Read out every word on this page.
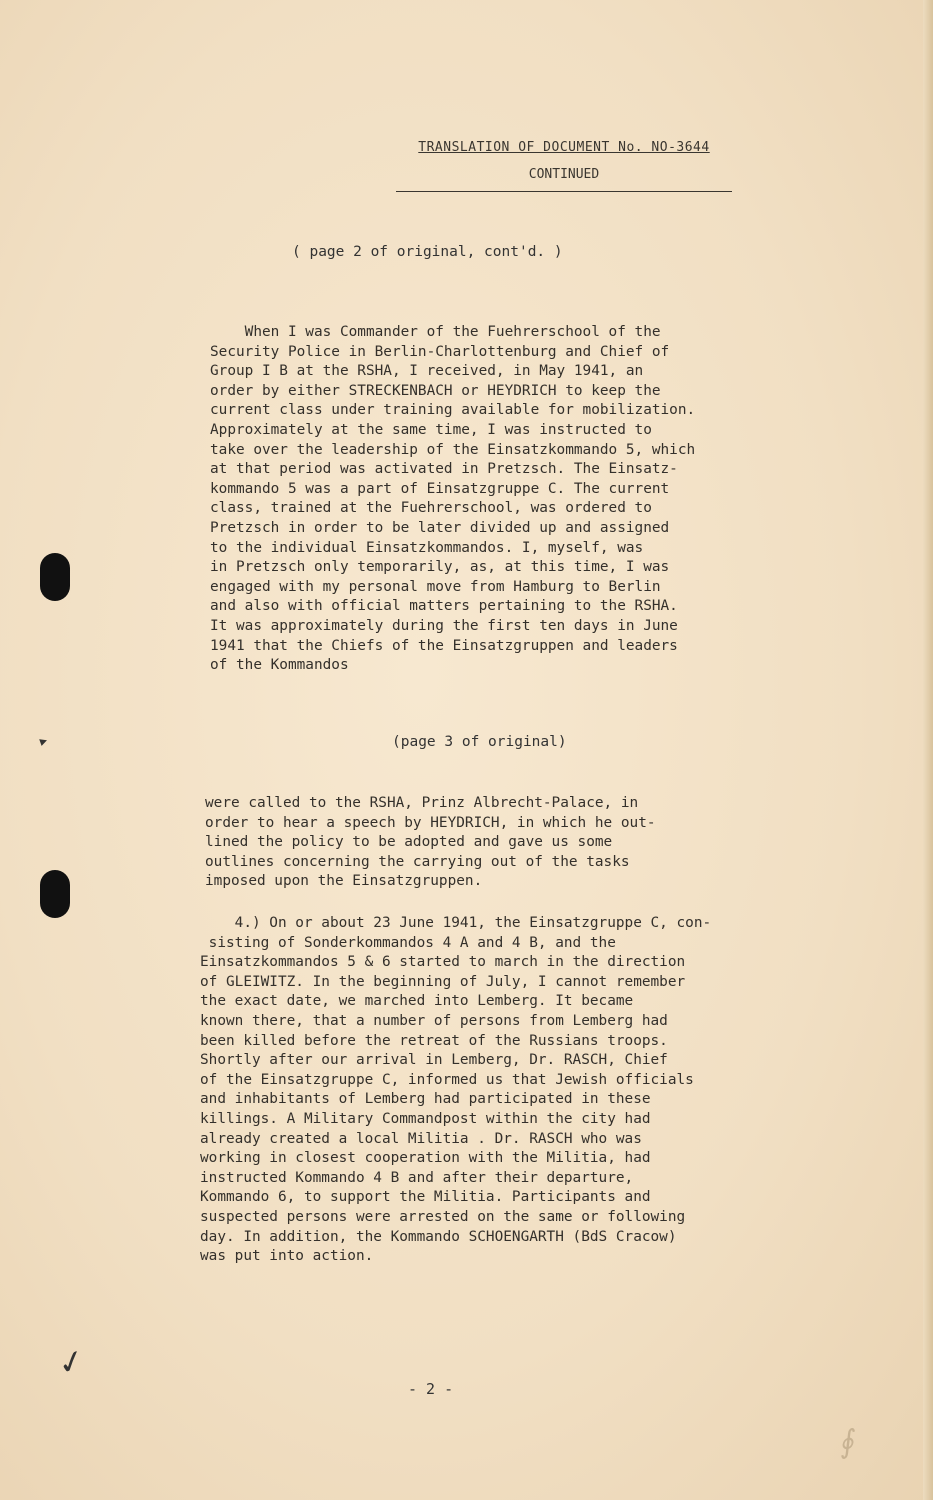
▸
✓
∮
TRANSLATION OF DOCUMENT No. NO-3644
CONTINUED
( page 2 of original, cont'd. )
When I was Commander of the Fuehrerschool of the
Security Police in Berlin-Charlottenburg and Chief of
Group I B at the RSHA, I received, in May 1941, an
order by either STRECKENBACH or HEYDRICH to keep the
current class under training available for mobilization.
Approximately at the same time, I was instructed to
take over the leadership of the Einsatzkommando 5, which
at that period was activated in Pretzsch. The Einsatz-
kommando 5 was a part of Einsatzgruppe C. The current
class, trained at the Fuehrerschool, was ordered to
Pretzsch in order to be later divided up and assigned
to the individual Einsatzkommandos. I, myself, was
in Pretzsch only temporarily, as, at this time, I was
engaged with my personal move from Hamburg to Berlin
and also with official matters pertaining to the RSHA.
It was approximately during the first ten days in June
1941 that the Chiefs of the Einsatzgruppen and leaders
of the Kommandos
(page 3 of original)
were called to the RSHA, Prinz Albrecht-Palace, in
order to hear a speech by HEYDRICH, in which he out-
lined the policy to be adopted and gave us some
outlines concerning the carrying out of the tasks
imposed upon the Einsatzgruppen.
4.) On or about 23 June 1941, the Einsatzgruppe C, con-
sisting of Sonderkommandos 4 A and 4 B, and the
Einsatzkommandos 5 & 6 started to march in the direction
of GLEIWITZ. In the beginning of July, I cannot remember
the exact date, we marched into Lemberg. It became
known there, that a number of persons from Lemberg had
been killed before the retreat of the Russians troops.
Shortly after our arrival in Lemberg, Dr. RASCH, Chief
of the Einsatzgruppe C, informed us that Jewish officials
and inhabitants of Lemberg had participated in these
killings. A Military Commandpost within the city had
already created a local Militia . Dr. RASCH who was
working in closest cooperation with the Militia, had
instructed Kommando 4 B and after their departure,
Kommando 6, to support the Militia. Participants and
suspected persons were arrested on the same or following
day. In addition, the Kommando SCHOENGARTH (BdS Cracow)
was put into action.
- 2 -
